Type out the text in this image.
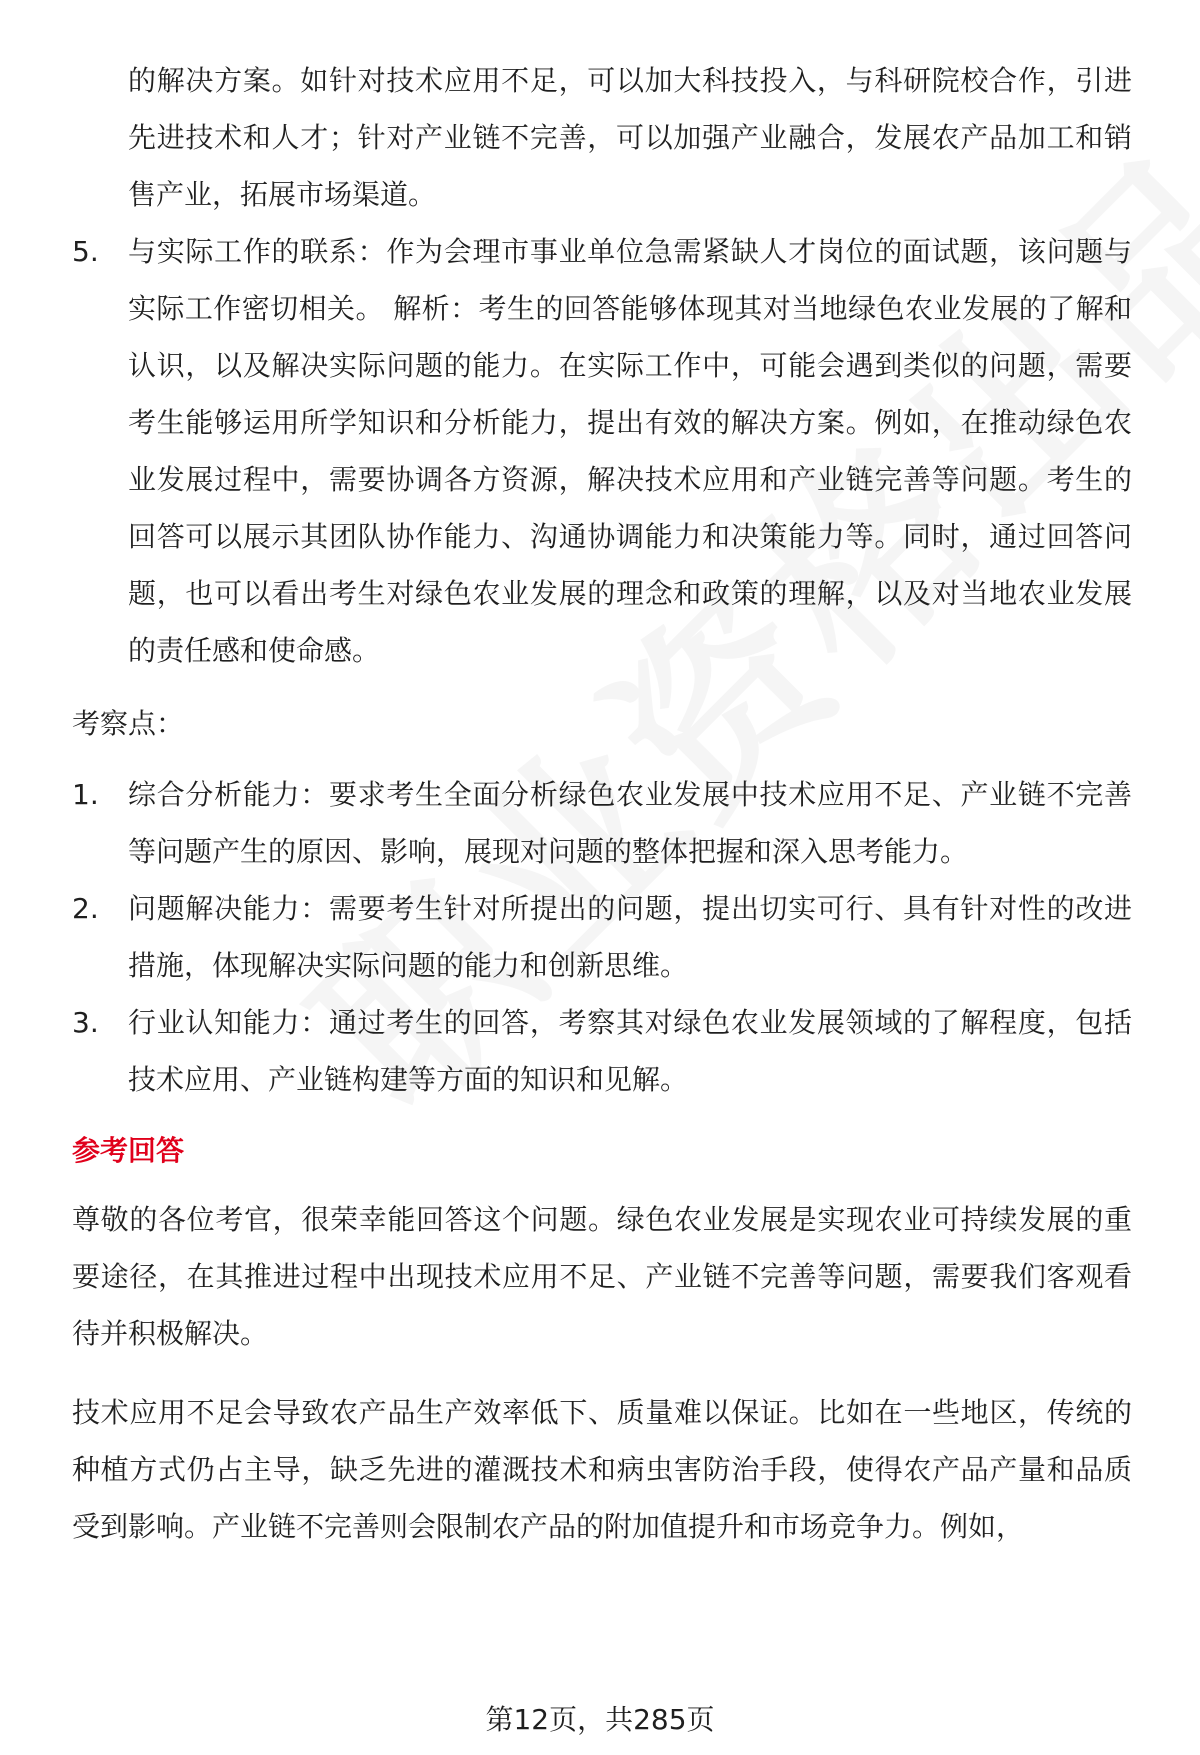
的解决方案。如针对技术应用不足，可以加大科技投入，与科研院校合作，引进先进技术和人才；针对产业链不完善，可以加强产业融合，发展农产品加工和销售产业，拓展市场渠道。
5.	与实际工作的联系：作为会理市事业单位急需紧缺人才岗位的面试题，该问题与实际工作密切相关。 解析：考生的回答能够体现其对当地绿色农业发展的了解和认识，以及解决实际问题的能力。在实际工作中，可能会遇到类似的问题，需要考生能够运用所学知识和分析能力，提出有效的解决方案。例如，在推动绿色农业发展过程中，需要协调各方资源，解决技术应用和产业链完善等问题。考生的回答可以展示其团队协作能力、沟通协调能力和决策能力等。同时，通过回答问题，也可以看出考生对绿色农业发展的理念和政策的理解，以及对当地农业发展的责任感和使命感。
考察点：
1.	综合分析能力：要求考生全面分析绿色农业发展中技术应用不足、产业链不完善等问题产生的原因、影响，展现对问题的整体把握和深入思考能力。
2.	问题解决能力：需要考生针对所提出的问题，提出切实可行、具有针对性的改进措施，体现解决实际问题的能力和创新思维。
3.	行业认知能力：通过考生的回答，考察其对绿色农业发展领域的了解程度，包括技术应用、产业链构建等方面的知识和见解。
参考回答
尊敬的各位考官，很荣幸能回答这个问题。绿色农业发展是实现农业可持续发展的重要途径，在其推进过程中出现技术应用不足、产业链不完善等问题，需要我们客观看待并积极解决。
技术应用不足会导致农产品生产效率低下、质量难以保证。比如在一些地区，传统的种植方式仍占主导，缺乏先进的灌溉技术和病虫害防治手段，使得农产品产量和品质受到影响。产业链不完善则会限制农产品的附加值提升和市场竞争力。例如，
第12页，共285页
